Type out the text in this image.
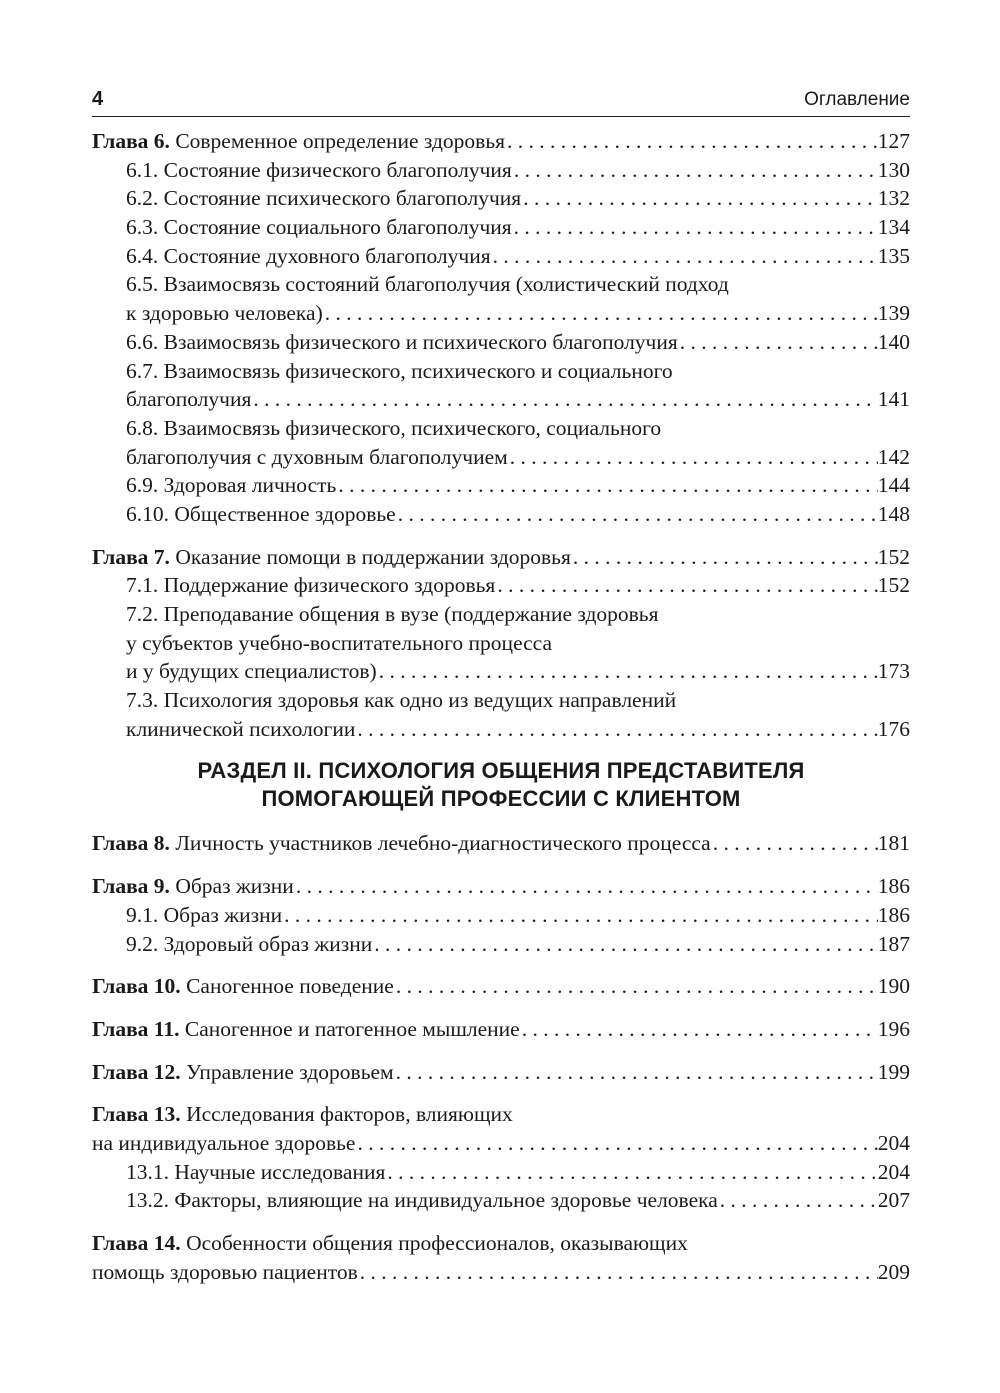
4	Оглавление
Глава 6. Современное определение здоровья . . .	127
6.1. Состояние физического благополучия . . .	130
6.2. Состояние психического благополучия . . .	132
6.3. Состояние социального благополучия . . .	134
6.4. Состояние духовного благополучия . . .	135
6.5. Взаимосвязь состояний благополучия (холистический подход
к здоровью человека) . . .	139
6.6. Взаимосвязь физического и психического благополучия . . .	140
6.7. Взаимосвязь физического, психического и социального
благополучия . . .	141
6.8. Взаимосвязь физического, психического, социального
благополучия с духовным благополучием . . .	142
6.9. Здоровая личность . . .	144
6.10. Общественное здоровье . . .	148
Глава 7. Оказание помощи в поддержании здоровья . . .	152
7.1. Поддержание физического здоровья . . .	152
7.2. Преподавание общения в вузе (поддержание здоровья
у субъектов учебно-воспитательного процесса
и у будущих специалистов) . . .	173
7.3. Психология здоровья как одно из ведущих направлений
клинической психологии . . .	176
РАЗДЕЛ II. ПСИХОЛОГИЯ ОБЩЕНИЯ ПРЕДСТАВИТЕЛЯ
ПОМОГАЮЩЕЙ ПРОФЕССИИ С КЛИЕНТОМ
Глава 8. Личность участников лечебно-диагностического процесса . . .	181
Глава 9. Образ жизни . . .	186
9.1. Образ жизни . . .	186
9.2. Здоровый образ жизни . . .	187
Глава 10. Саногенное поведение . . .	190
Глава 11. Саногенное и патогенное мышление . . .	196
Глава 12. Управление здоровьем . . .	199
Глава 13. Исследования факторов, влияющих
на индивидуальное здоровье . . .	204
13.1. Научные исследования . . .	204
13.2. Факторы, влияющие на индивидуальное здоровье человека . . .	207
Глава 14. Особенности общения профессионалов, оказывающих
помощь здоровью пациентов . . .	209
